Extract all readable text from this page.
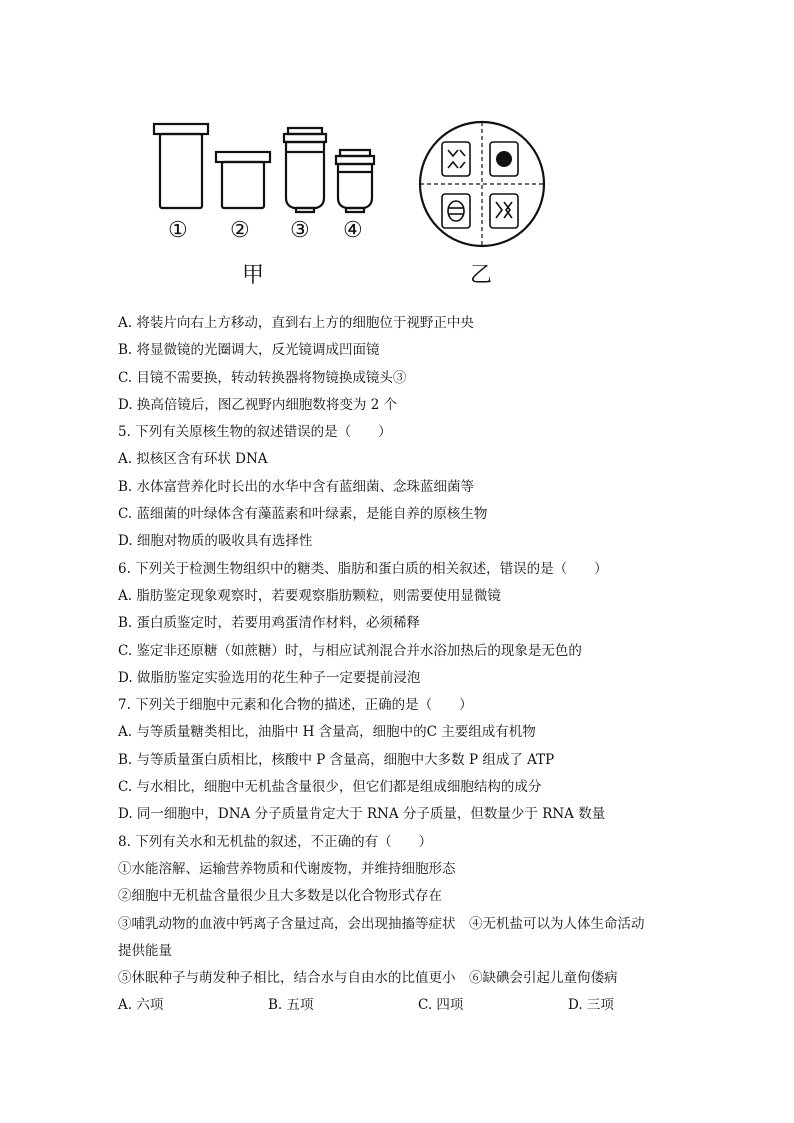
① ② ③ ④
甲	乙
A. 将装片向右上方移动，直到右上方的细胞位于视野正中央
B. 将显微镜的光圈调大，反光镜调成凹面镜
C. 目镜不需要换，转动转换器将物镜换成镜头③
D. 换高倍镜后，图乙视野内细胞数将变为 2 个
5. 下列有关原核生物的叙述错误的是（　　）
A. 拟核区含有环状 DNA
B. 水体富营养化时长出的水华中含有蓝细菌、念珠蓝细菌等
C. 蓝细菌的叶绿体含有藻蓝素和叶绿素，是能自养的原核生物
D. 细胞对物质的吸收具有选择性
6. 下列关于检测生物组织中的糖类、脂肪和蛋白质的相关叙述，错误的是（　　）
A. 脂肪鉴定现象观察时，若要观察脂肪颗粒，则需要使用显微镜
B. 蛋白质鉴定时，若要用鸡蛋清作材料，必须稀释
C. 鉴定非还原糖（如蔗糖）时，与相应试剂混合并水浴加热后的现象是无色的
D. 做脂肪鉴定实验选用的花生种子一定要提前浸泡
7. 下列关于细胞中元素和化合物的描述，正确的是（　　）
A. 与等质量糖类相比，油脂中 H 含量高，细胞中的C 主要组成有机物
B. 与等质量蛋白质相比，核酸中 P 含量高，细胞中大多数 P 组成了 ATP
C. 与水相比，细胞中无机盐含量很少，但它们都是组成细胞结构的成分
D. 同一细胞中，DNA 分子质量肯定大于 RNA 分子质量，但数量少于 RNA 数量
8. 下列有关水和无机盐的叙述，不正确的有（　　）
①水能溶解、运输营养物质和代谢废物，并维持细胞形态
②细胞中无机盐含量很少且大多数是以化合物形式存在
③哺乳动物的血液中钙离子含量过高，会出现抽搐等症状　④无机盐可以为人体生命活动
提供能量
⑤休眠种子与萌发种子相比，结合水与自由水的比值更小　⑥缺碘会引起儿童佝偻病
A. 六项	B. 五项	C. 四项	D. 三项
